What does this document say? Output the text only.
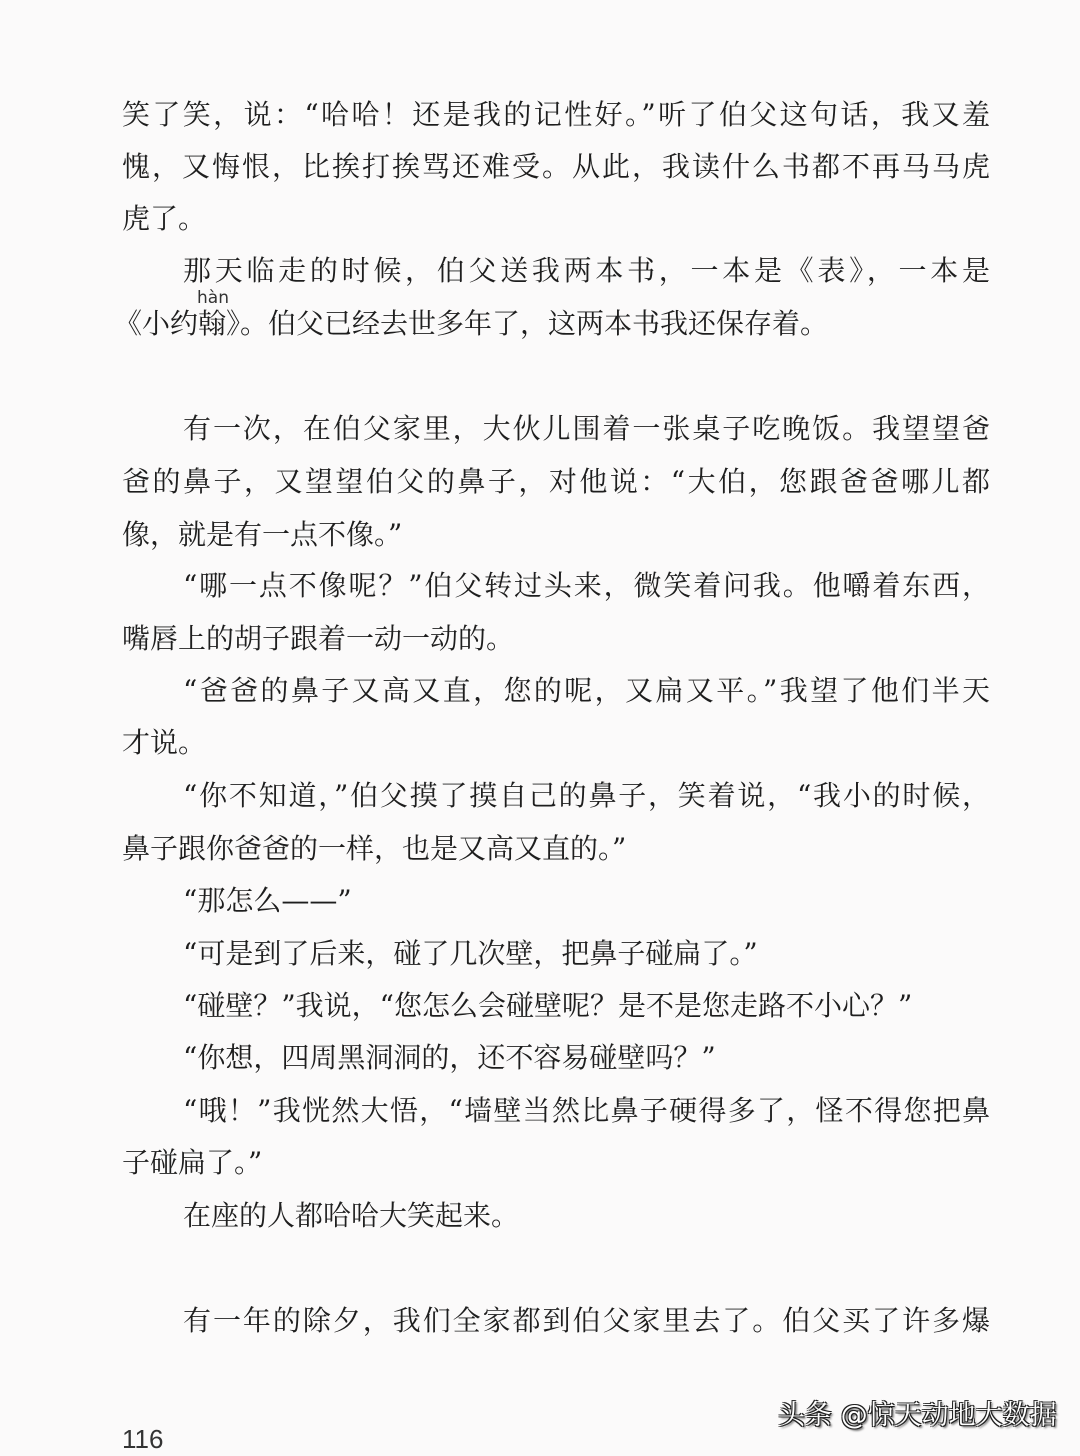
笑了笑，说：“哈哈！还是我的记性好。”听了伯父这句话，我又羞
愧，又悔恨，比挨打挨骂还难受。从此，我读什么书都不再马马虎
虎了。
那天临走的时候，伯父送我两本书，一本是《表》，一本是
hàn
《小约翰》。伯父已经去世多年了，这两本书我还保存着。
有一次，在伯父家里，大伙儿围着一张桌子吃晚饭。我望望爸
爸的鼻子，又望望伯父的鼻子，对他说：“大伯，您跟爸爸哪儿都
像，就是有一点不像。”
“哪一点不像呢？”伯父转过头来，微笑着问我。他嚼着东西，
嘴唇上的胡子跟着一动一动的。
“爸爸的鼻子又高又直，您的呢，又扁又平。”我望了他们半天
才说。
“你不知道，”伯父摸了摸自己的鼻子，笑着说，“我小的时候，
鼻子跟你爸爸的一样，也是又高又直的。”
“那怎么——”
“可是到了后来，碰了几次壁，把鼻子碰扁了。”
“碰壁？”我说，“您怎么会碰壁呢？是不是您走路不小心？”
“你想，四周黑洞洞的，还不容易碰壁吗？”
“哦！”我恍然大悟，“墙壁当然比鼻子硬得多了，怪不得您把鼻
子碰扁了。”
在座的人都哈哈大笑起来。
有一年的除夕，我们全家都到伯父家里去了。伯父买了许多爆
头条 @惊天动地大数据
116
